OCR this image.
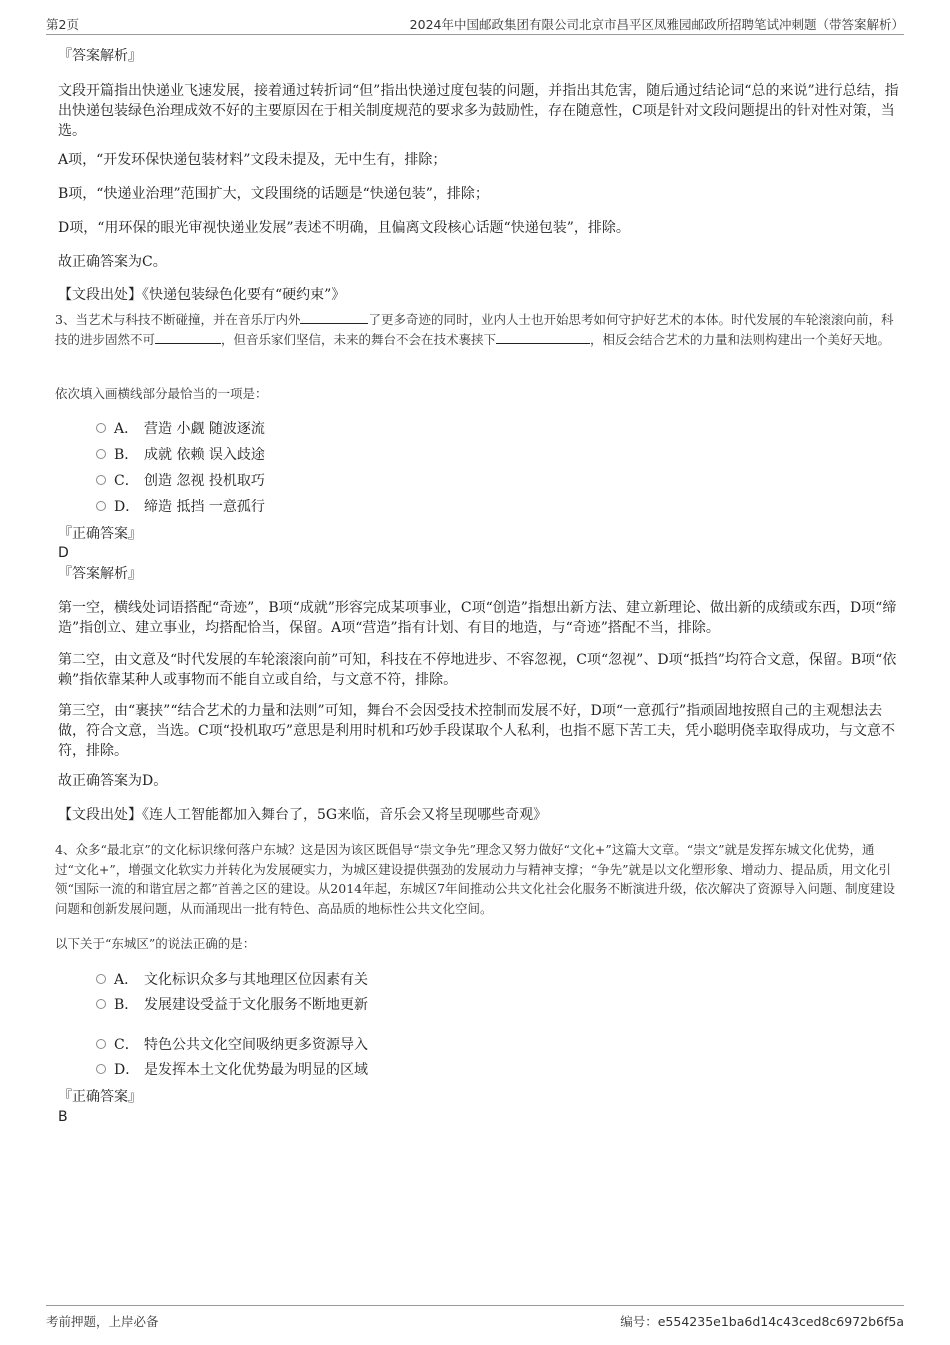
第2页	2024年中国邮政集团有限公司北京市昌平区凤雅园邮政所招聘笔试冲刺题（带答案解析）
『答案解析』
文段开篇指出快递业飞速发展，接着通过转折词“但”指出快递过度包装的问题，并指出其危害，随后通过结论词“总的来说”进行总结，指出快递包装绿色治理成效不好的主要原因在于相关制度规范的要求多为鼓励性，存在随意性，C项是针对文段问题提出的针对性对策，当选。
A项，“开发环保快递包装材料”文段未提及，无中生有，排除；
B项，“快递业治理”范围扩大，文段围绕的话题是“快递包装”，排除；
D项，“用环保的眼光审视快递业发展”表述不明确，且偏离文段核心话题“快递包装”，排除。
故正确答案为C。
【文段出处】《快递包装绿色化要有“硬约束”》
3、当艺术与科技不断碰撞，并在音乐厅内外	了更多奇迹的同时，业内人士也开始思考如何守护好艺术的本体。时代发展的车轮滚滚向前，科技的进步固然不可	，但音乐家们坚信，未来的舞台不会在技术裹挟下	，相反会结合艺术的力量和法则构建出一个美好天地。
依次填入画横线部分最恰当的一项是：
A． 营造 小觑 随波逐流
B． 成就 依赖 误入歧途
C． 创造 忽视 投机取巧
D． 缔造 抵挡 一意孤行
『正确答案』
D
『答案解析』
第一空，横线处词语搭配“奇迹”，B项“成就”形容完成某项事业，C项“创造”指想出新方法、建立新理论、做出新的成绩或东西，D项“缔造”指创立、建立事业，均搭配恰当，保留。A项“营造”指有计划、有目的地造，与“奇迹”搭配不当，排除。
第二空，由文意及“时代发展的车轮滚滚向前”可知，科技在不停地进步、不容忽视，C项“忽视”、D项“抵挡”均符合文意，保留。B项“依赖”指依靠某种人或事物而不能自立或自给，与文意不符，排除。
第三空，由“裹挟”“结合艺术的力量和法则”可知，舞台不会因受技术控制而发展不好，D项“一意孤行”指顽固地按照自己的主观想法去做，符合文意，当选。C项“投机取巧”意思是利用时机和巧妙手段谋取个人私利，也指不愿下苦工夫，凭小聪明侥幸取得成功，与文意不符，排除。
故正确答案为D。
【文段出处】《连人工智能都加入舞台了，5G来临，音乐会又将呈现哪些奇观》
4、众多“最北京”的文化标识缘何落户东城？这是因为该区既倡导“崇文争先”理念又努力做好“文化+”这篇大文章。“崇文”就是发挥东城文化优势，通过“文化+”，增强文化软实力并转化为发展硬实力，为城区建设提供强劲的发展动力与精神支撑；“争先”就是以文化塑形象、增动力、提品质，用文化引领“国际一流的和谐宜居之都”首善之区的建设。从2014年起，东城区7年间推动公共文化社会化服务不断演进升级，依次解决了资源导入问题、制度建设问题和创新发展问题，从而涌现出一批有特色、高品质的地标性公共文化空间。
以下关于“东城区”的说法正确的是：
A． 文化标识众多与其地理区位因素有关
B． 发展建设受益于文化服务不断地更新
C． 特色公共文化空间吸纳更多资源导入
D． 是发挥本土文化优势最为明显的区域
『正确答案』
B
考前押题，上岸必备	编号：e554235e1ba6d14c43ced8c6972b6f5a
